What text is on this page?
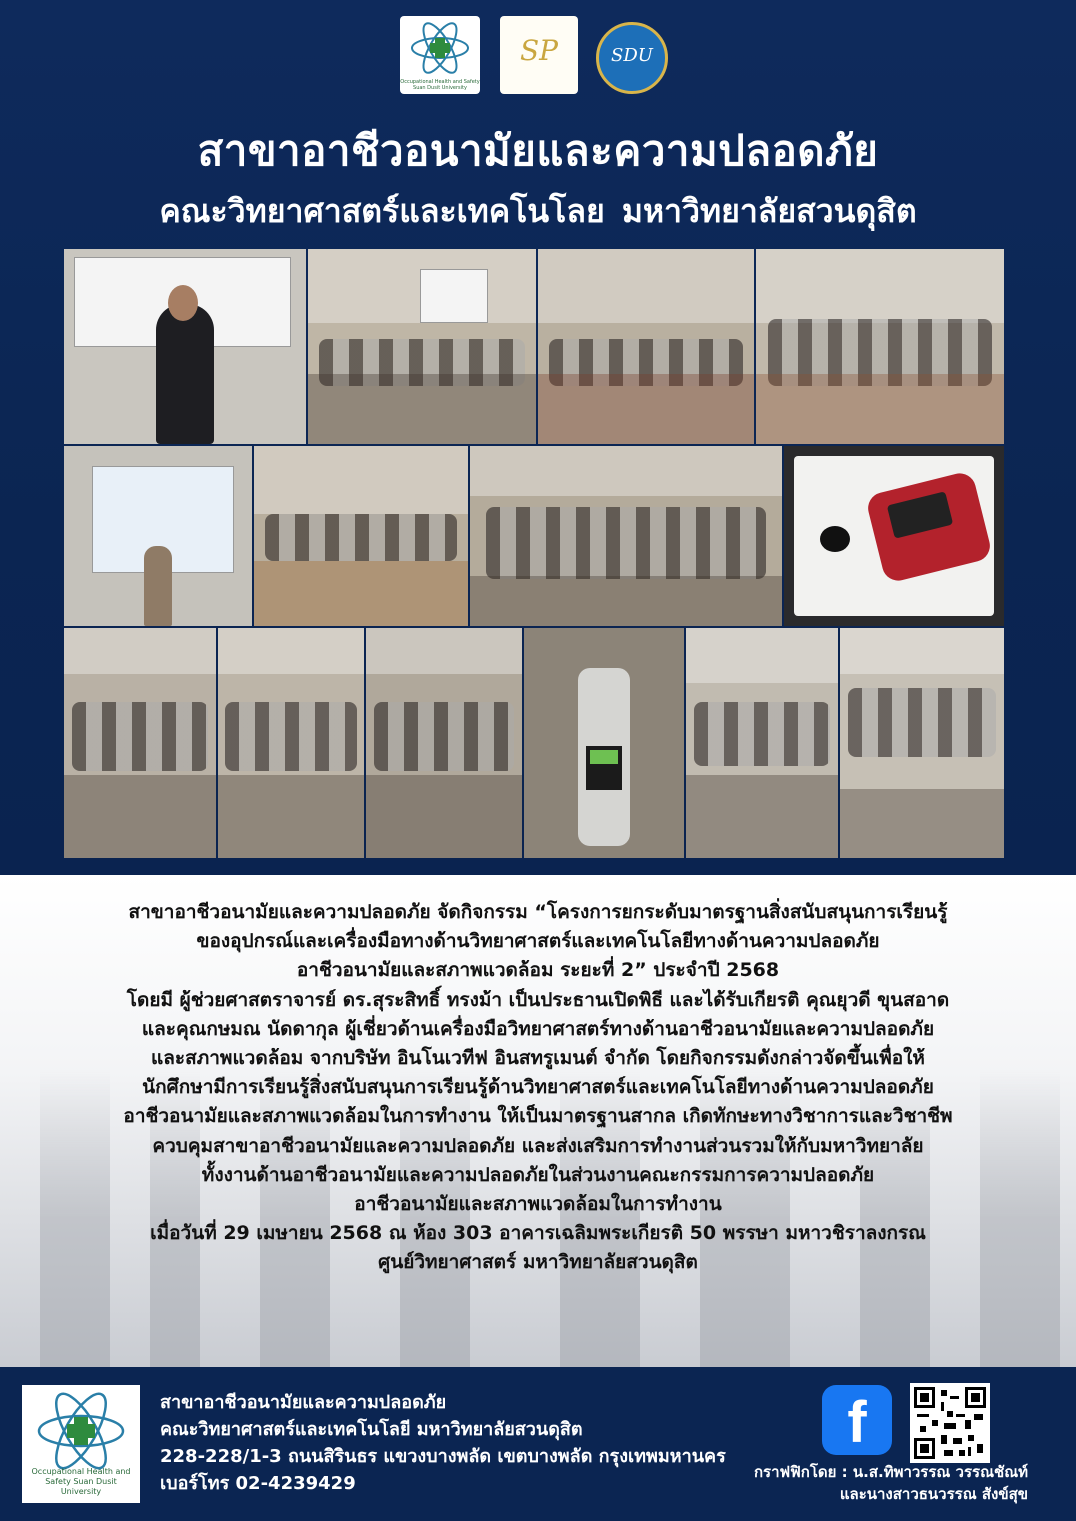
Occupational Health and Safety Suan Dusit University
SP	SDU
สาขาอาชีวอนามัยและความปลอดภัย
คณะวิทยาศาสตร์และเทคโนโลย มหาวิทยาลัยสวนดุสิต
สาขาอาชีวอนามัยและความปลอดภัย จัดกิจกรรม “โครงการยกระดับมาตรฐานสิ่งสนับสนุนการเรียนรู้
ของอุปกรณ์และเครื่องมือทางด้านวิทยาศาสตร์และเทคโนโลยีทางด้านความปลอดภัย
อาชีวอนามัยและสภาพแวดล้อม ระยะที่ 2” ประจำปี 2568
โดยมี ผู้ช่วยศาสตราจารย์ ดร.สุระสิทธิ์ ทรงม้า เป็นประธานเปิดพิธี และได้รับเกียรติ คุณยุวดี ขุนสอาด
และคุณกษมณ นัดดากุล ผู้เชี่ยวด้านเครื่องมือวิทยาศาสตร์ทางด้านอาชีวอนามัยและความปลอดภัย
และสภาพแวดล้อม จากบริษัท อินโนเวทีฟ อินสทรูเมนต์ จำกัด โดยกิจกรรมดังกล่าวจัดขึ้นเพื่อให้
นักศึกษามีการเรียนรู้สิ่งสนับสนุนการเรียนรู้ด้านวิทยาศาสตร์และเทคโนโลยีทางด้านความปลอดภัย
อาชีวอนามัยและสภาพแวดล้อมในการทำงาน ให้เป็นมาตรฐานสากล เกิดทักษะทางวิชาการและวิชาชีพ
ควบคุมสาขาอาชีวอนามัยและความปลอดภัย และส่งเสริมการทำงานส่วนรวมให้กับมหาวิทยาลัย
ทั้งงานด้านอาชีวอนามัยและความปลอดภัยในส่วนงานคณะกรรมการความปลอดภัย
อาชีวอนามัยและสภาพแวดล้อมในการทำงาน
เมื่อวันที่ 29 เมษายน 2568 ณ ห้อง 303 อาคารเฉลิมพระเกียรติ 50 พรรษา มหาวชิราลงกรณ
ศูนย์วิทยาศาสตร์ มหาวิทยาลัยสวนดุสิต
Occupational Health and Safety Suan Dusit University
สาขาอาชีวอนามัยและความปลอดภัย
คณะวิทยาศาสตร์และเทคโนโลยี มหาวิทยาลัยสวนดุสิต
228-228/1-3 ถนนสิรินธร แขวงบางพลัด เขตบางพลัด กรุงเทพมหานคร
เบอร์โทร 02-4239429
f
กราฟฟิกโดย : น.ส.ทิพาวรรณ วรรณชัณท์
และนางสาวธนวรรณ สังข์สุข
